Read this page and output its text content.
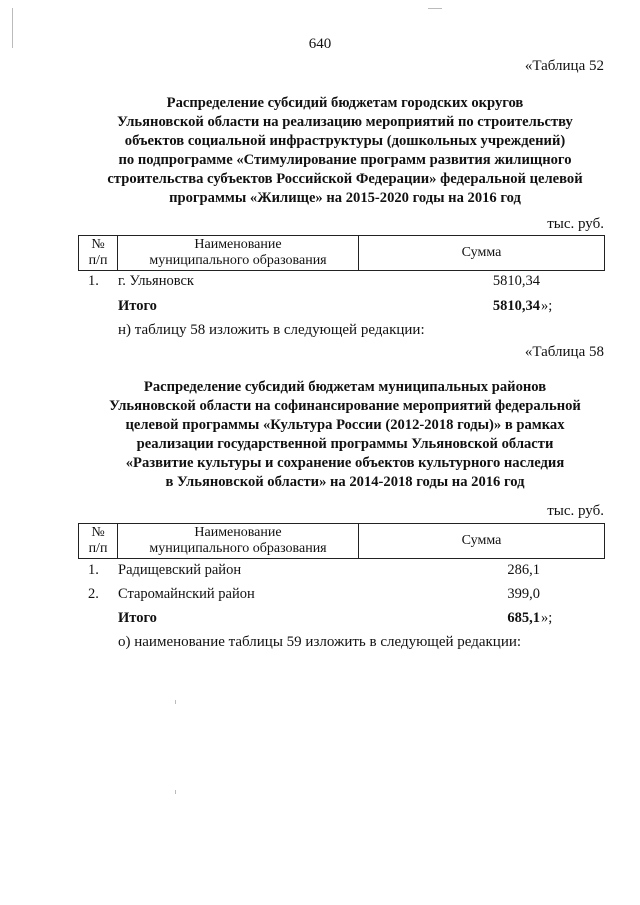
640
«Таблица 52
Распределение субсидий бюджетам городских округов
Ульяновской области на реализацию мероприятий по строительству
объектов социальной инфраструктуры (дошкольных учреждений)
по подпрограмме «Стимулирование программ развития жилищного
строительства субъектов Российской Федерации» федеральной целевой
программы «Жилище» на 2015-2020 годы на 2016 год
тыс. руб.
№
п/п

Наименование
муниципального образования

Сумма
1. г. Ульяновск	5810,34
Итого	5810,34 »;
н) таблицу 58 изложить в следующей редакции:
«Таблица 58
Распределение субсидий бюджетам муниципальных районов
Ульяновской области на софинансирование мероприятий федеральной
целевой программы «Культура России (2012-2018 годы)» в рамках
реализации государственной программы Ульяновской области
«Развитие культуры и сохранение объектов культурного наследия
в Ульяновской области» на 2014-2018 годы на 2016 год
тыс. руб.
№
п/п

Наименование
муниципального образования

Сумма
1. Радищевский район	286,1
2. Старомайнский район	399,0
Итого	685,1 »;
о) наименование таблицы 59 изложить в следующей редакции:
